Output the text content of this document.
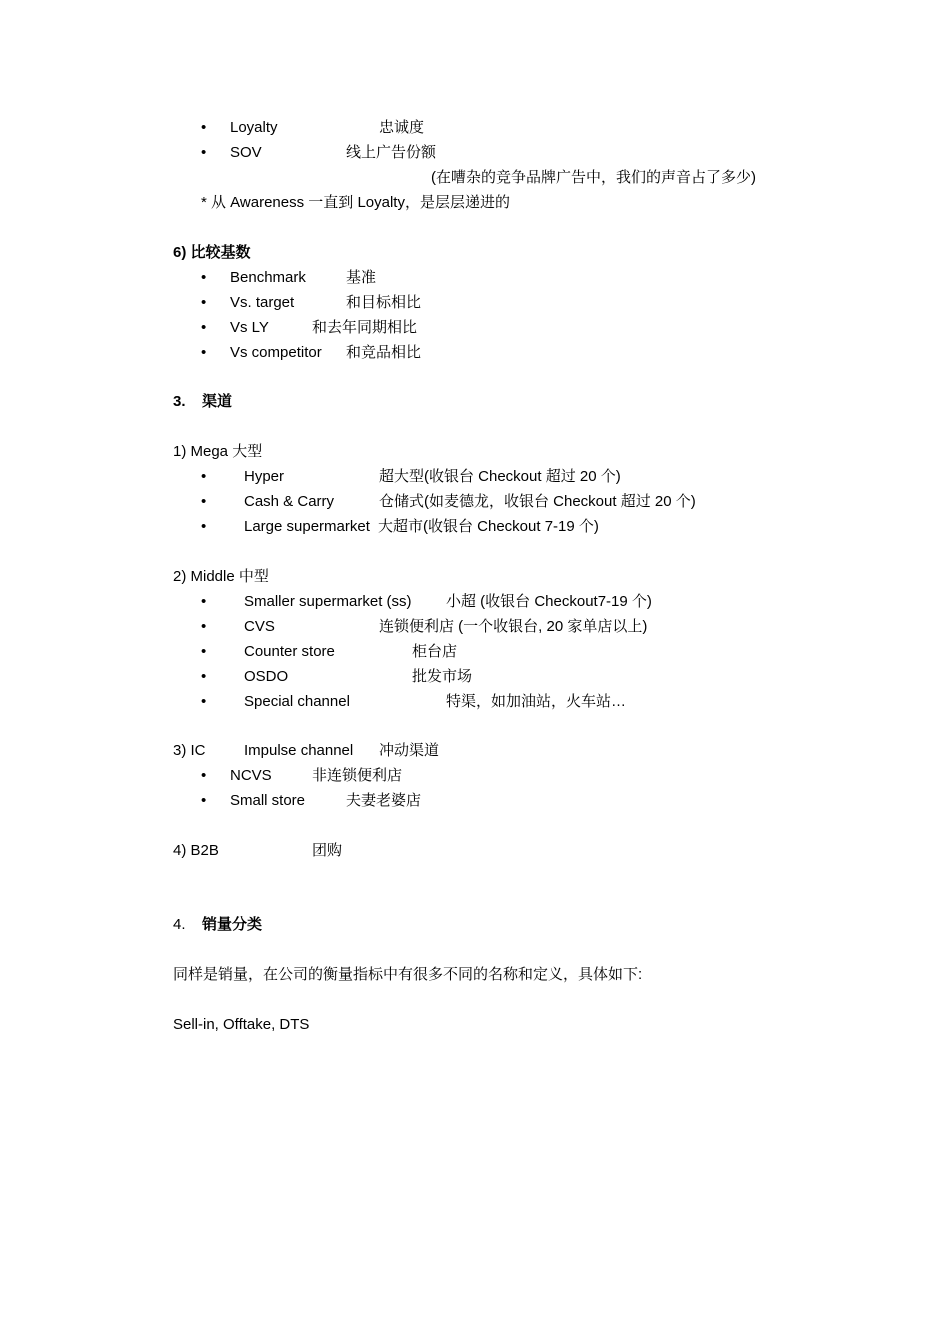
• Loyalty	忠诚度
• SOV	线上广告份额
(在嘈杂的竞争品牌广告中，我们的声音占了多少)
* 从 Awareness 一直到 Loyalty，是层层递进的
6) 比较基数
• Benchmark	基准
• Vs. target	和目标相比
• Vs LY	和去年同期相比
• Vs competitor 和竞品相比
3. 渠道
1) Mega 大型
•	Hyper	超大型(收银台 Checkout 超过 20 个)
•	Cash & Carry	仓储式(如麦德龙，收银台 Checkout 超过 20 个)
•	Large supermarket 大超市(收银台 Checkout 7-19 个)
2) Middle 中型
•	Smaller supermarket (ss) 小超 (收银台 Checkout7-19 个)
•	CVS	连锁便利店 (一个收银台, 20 家单店以上)
•	Counter store	柜台店
•	OSDO	批发市场
•	Special channel	特渠，如加油站，火车站…
3) IC	Impulse channel 冲动渠道
• NCVS	非连锁便利店
• Small store	夫妻老婆店
4) B2B	团购
4. 销量分类
同样是销量，在公司的衡量指标中有很多不同的名称和定义，具体如下:
Sell-in, Offtake, DTS
